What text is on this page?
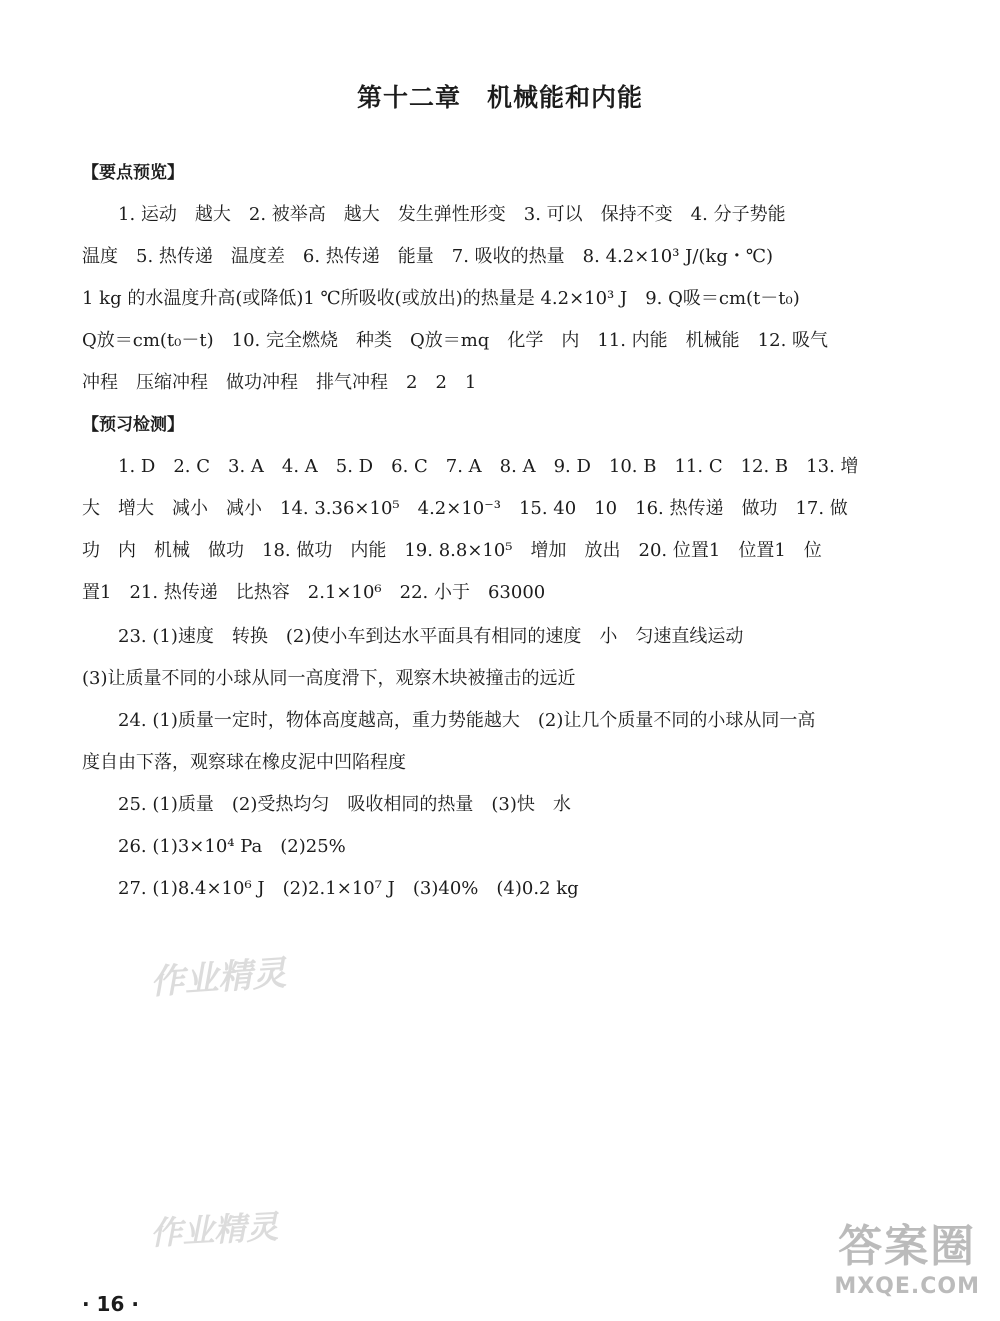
第十二章　机械能和内能
【要点预览】
1. 运动　越大　2. 被举高　越大　发生弹性形变　3. 可以　保持不变　4. 分子势能
温度　5. 热传递　温度差　6. 热传递　能量　7. 吸收的热量　8. 4.2×10³ J/(kg・℃)
1 kg 的水温度升高(或降低)1 ℃所吸收(或放出)的热量是 4.2×10³ J　9. Q吸＝cm(t－t₀)
Q放＝cm(t₀－t)　10. 完全燃烧　种类　Q放＝mq　化学　内　11. 内能　机械能　12. 吸气
冲程　压缩冲程　做功冲程　排气冲程　2　2　1
【预习检测】
1. D　2. C　3. A　4. A　5. D　6. C　7. A　8. A　9. D　10. B　11. C　12. B　13. 增
大　增大　减小　减小　14. 3.36×10⁵　4.2×10⁻³　15. 40　10　16. 热传递　做功　17. 做
功　内　机械　做功　18. 做功　内能　19. 8.8×10⁵　增加　放出　20. 位置1　位置1　位
置1　21. 热传递　比热容　2.1×10⁶　22. 小于　63000
23. (1)速度　转换　(2)使小车到达水平面具有相同的速度　小　匀速直线运动
(3)让质量不同的小球从同一高度滑下，观察木块被撞击的远近
24. (1)质量一定时，物体高度越高，重力势能越大　(2)让几个质量不同的小球从同一高
度自由下落，观察球在橡皮泥中凹陷程度
25. (1)质量　(2)受热均匀　吸收相同的热量　(3)快　水
26. (1)3×10⁴ Pa　(2)25%
27. (1)8.4×10⁶ J　(2)2.1×10⁷ J　(3)40%　(4)0.2 kg
作业精灵
作业精灵
· 16 ·
答案圈
MXQE.COM
